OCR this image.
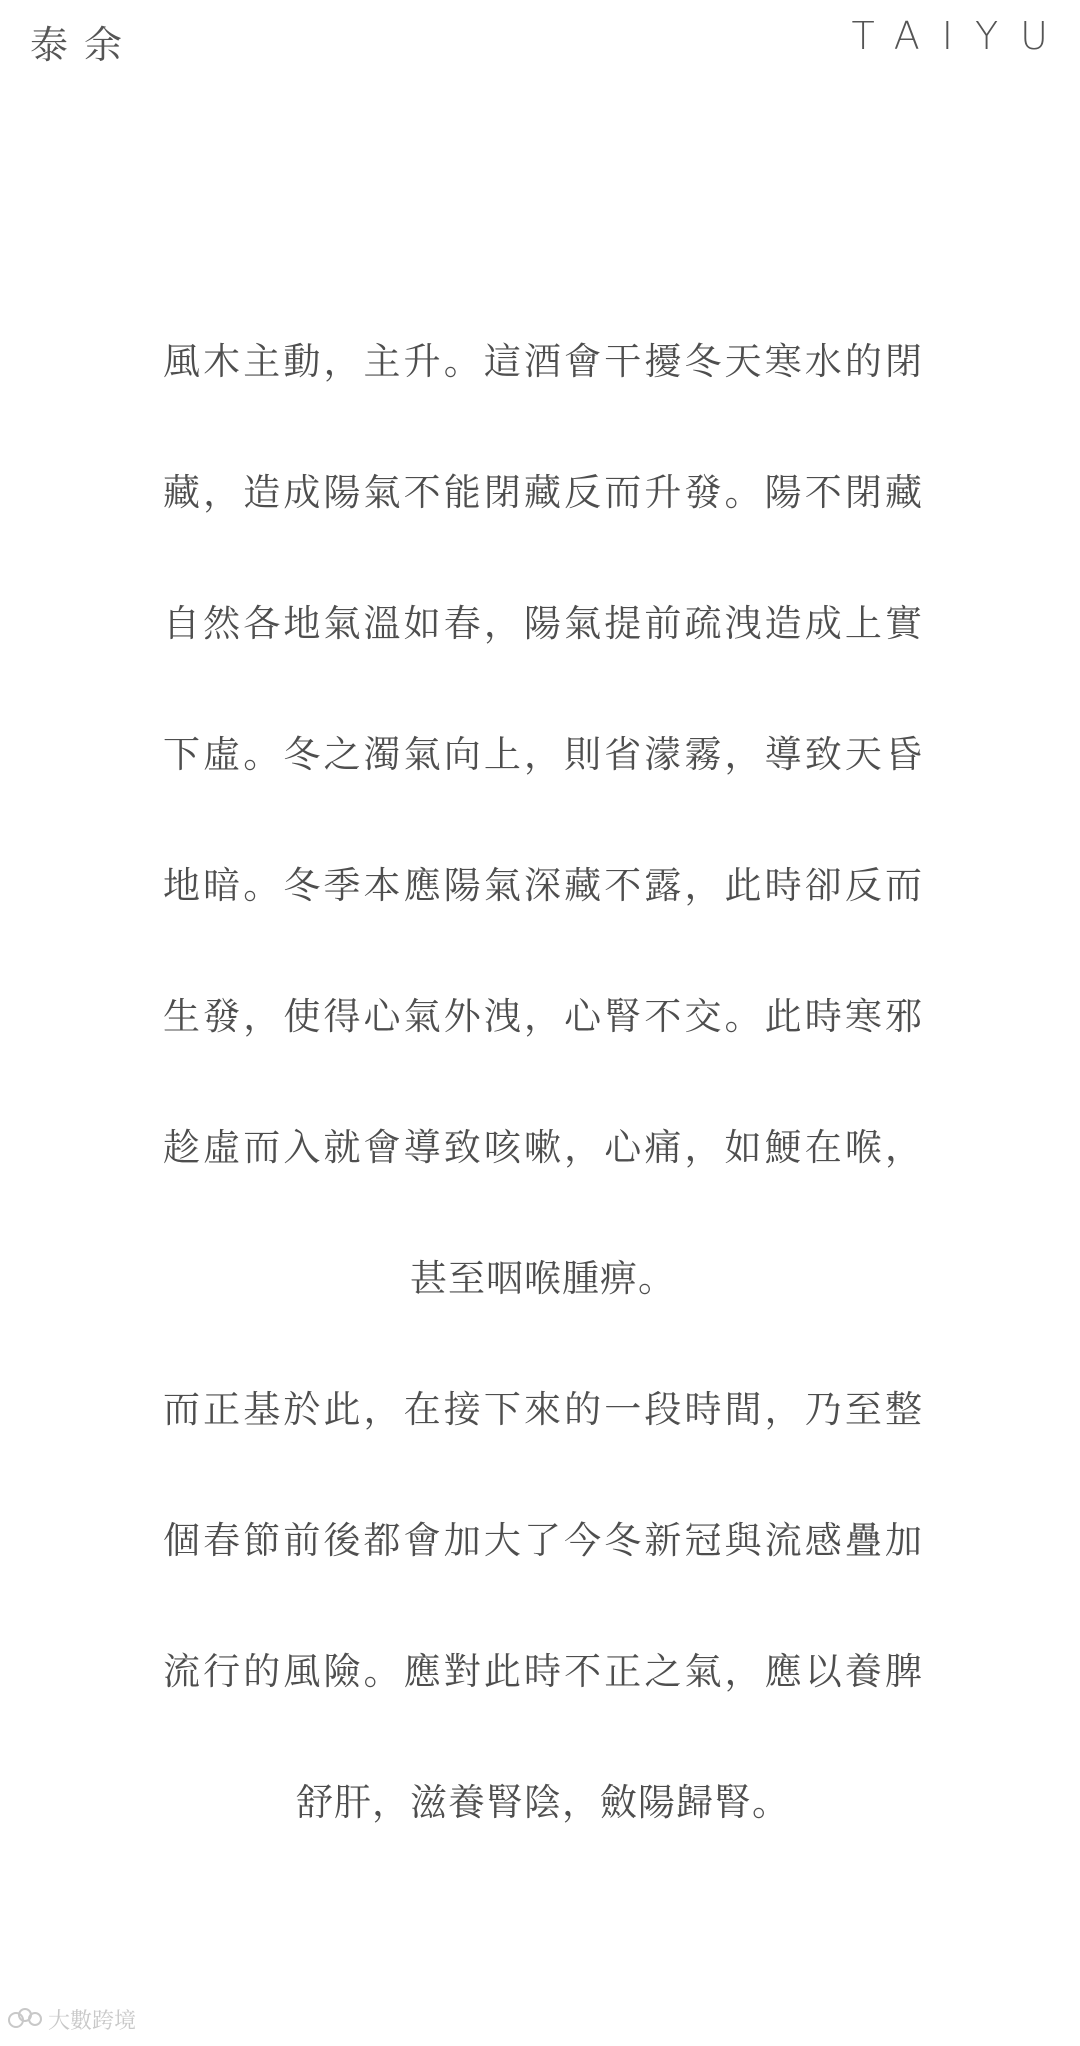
泰余	TAIYU
風木主動，主升。這酒會干擾冬天寒水的閉
藏，造成陽氣不能閉藏反而升發。陽不閉藏
自然各地氣溫如春，陽氣提前疏洩造成上實
下虛。冬之濁氣向上，則省濛霧，導致天昏
地暗。冬季本應陽氣深藏不露，此時卻反而
生發，使得心氣外洩，心腎不交。此時寒邪
趁虛而入就會導致咳嗽，心痛，如鯁在喉，
甚至咽喉腫痹。
而正基於此，在接下來的一段時間，乃至整
個春節前後都會加大了今冬新冠與流感疊加
流行的風險。應對此時不正之氣，應以養脾
舒肝，滋養腎陰，斂陽歸腎。
大數跨境
